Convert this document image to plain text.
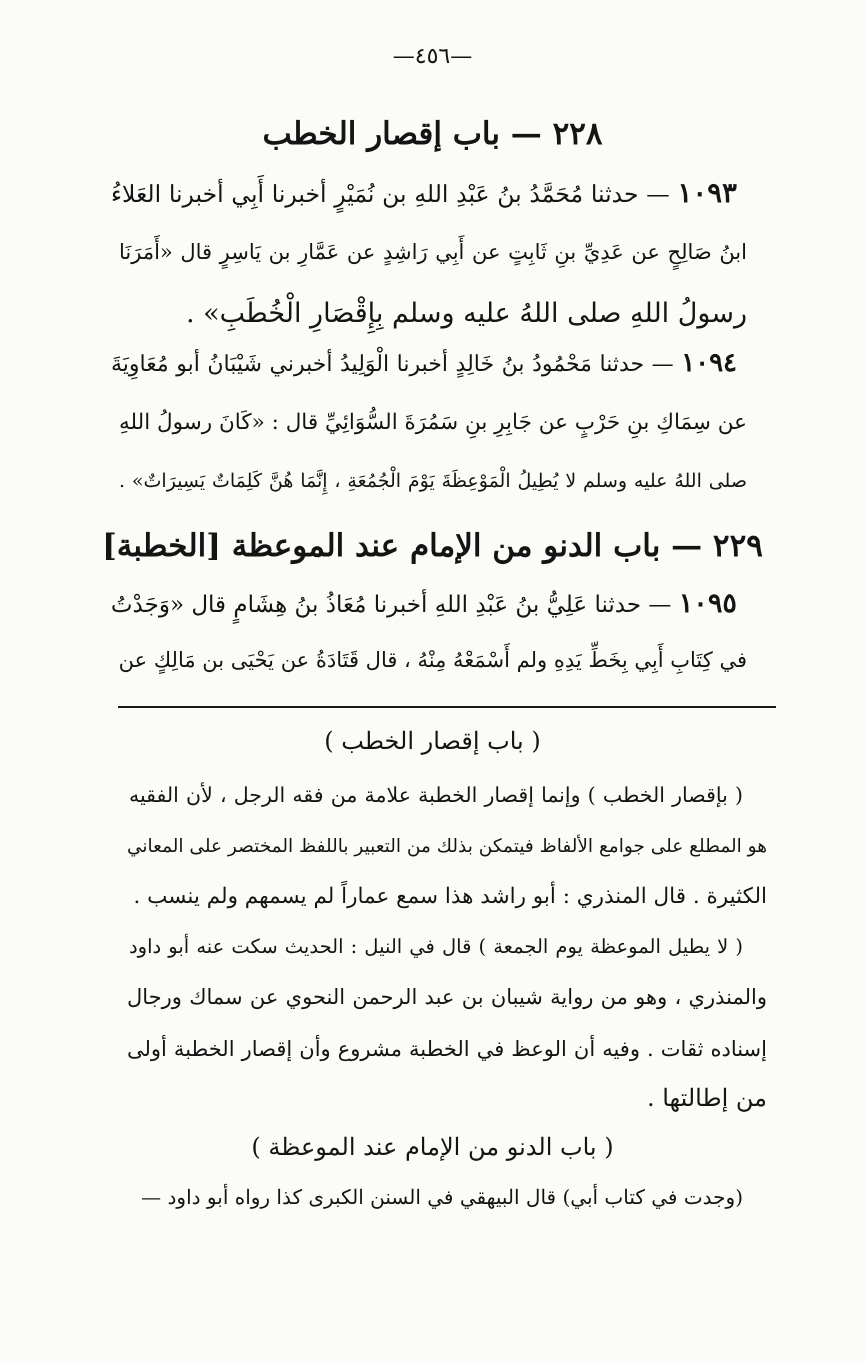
—٤٥٦—
٢٢٨ — باب إقصار الخطب
١٠٩٣ — حدثنا مُحَمَّدُ بنُ عَبْدِ اللهِ بن نُمَيْرٍ أخبرنا أَبِي أخبرنا العَلاءُ
ابنُ صَالِحٍ عن عَدِيِّ بنِ ثَابِتٍ عن أَبِي رَاشِدٍ عن عَمَّارِ بن يَاسِرٍ قال «أَمَرَنَا
رسولُ اللهِ صلى اللهُ عليه وسلم بِإِقْصَارِ الْخُطَبِ» .
١٠٩٤ — حدثنا مَحْمُودُ بنُ خَالِدٍ أخبرنا الْوَلِيدُ أخبرني شَيْبَانُ أبو مُعَاوِيَةَ
عن سِمَاكِ بنِ حَرْبٍ عن جَابِرِ بنِ سَمُرَةَ السُّوَائِيِّ قال : «كَانَ رسولُ اللهِ
صلى اللهُ عليه وسلم لا يُطِيلُ الْمَوْعِظَةَ يَوْمَ الْجُمُعَةِ ، إِنَّمَا هُنَّ كَلِمَاتٌ يَسِيرَاتٌ» .
٢٢٩ — باب الدنو من الإمام عند الموعظة [الخطبة]
١٠٩٥ — حدثنا عَلِيُّ بنُ عَبْدِ اللهِ أخبرنا مُعَاذُ بنُ هِشَامٍ قال «وَجَدْتُ
في كِتَابِ أَبِي بِخَطِّ يَدِهِ ولم أَسْمَعْهُ مِنْهُ ، قال قَتَادَةُ عن يَحْيَى بن مَالِكٍ عن
( باب إقصار الخطب )
( بإقصار الخطب ) وإنما إقصار الخطبة علامة من فقه الرجل ، لأن الفقيه
هو المطلع على جوامع الألفاظ فيتمكن بذلك من التعبير باللفظ المختصر على المعاني
الكثيرة . قال المنذري : أبو راشد هذا سمع عماراً لم يسمهم ولم ينسب .
( لا يطيل الموعظة يوم الجمعة ) قال في النيل : الحديث سكت عنه أبو داود
والمنذري ، وهو من رواية شيبان بن عبد الرحمن النحوي عن سماك ورجال
إسناده ثقات . وفيه أن الوعظ في الخطبة مشروع وأن إقصار الخطبة أولى
من إطالتها .
( باب الدنو من الإمام عند الموعظة )
(وجدت في كتاب أبي) قال البيهقي في السنن الكبرى كذا رواه أبو داود —
